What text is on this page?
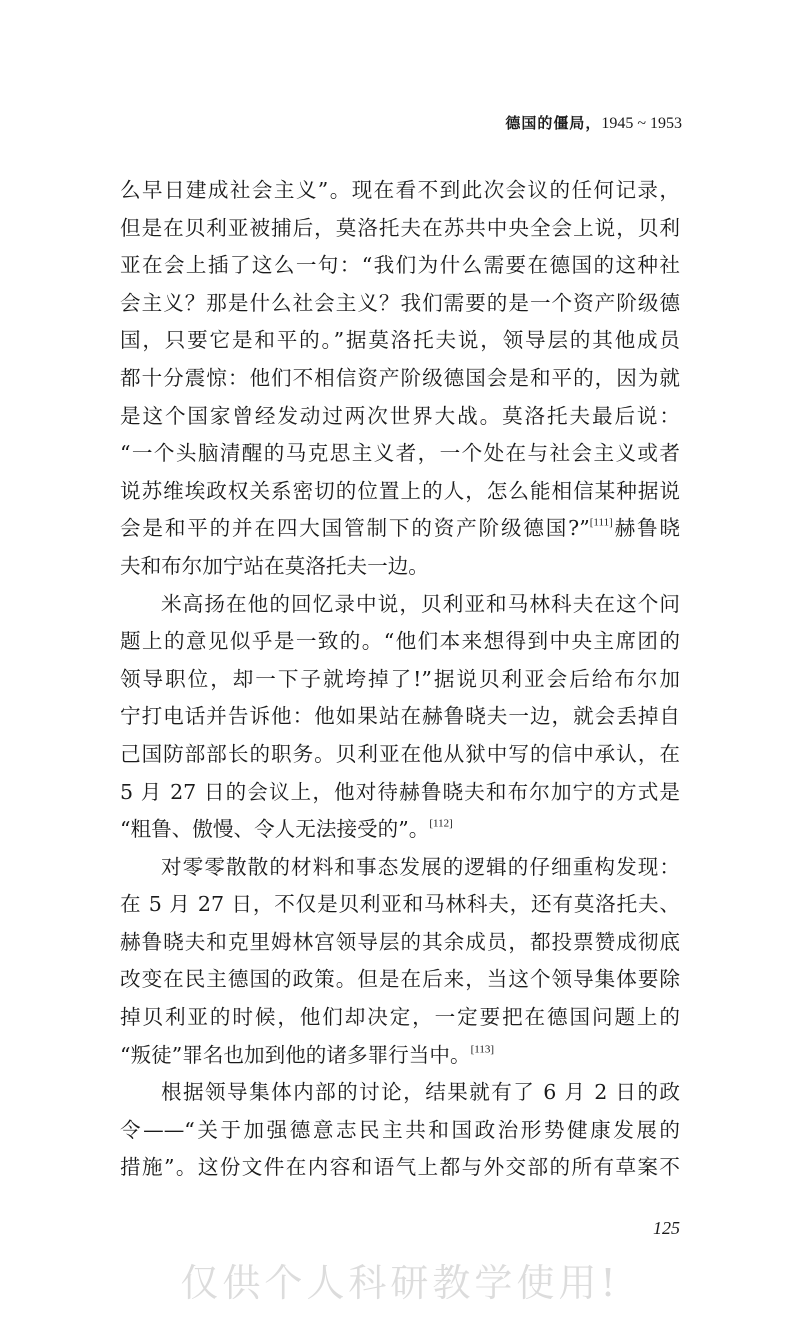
德国的僵局，1945 ~ 1953
么早日建成社会主义”。现在看不到此次会议的任何记录，
但是在贝利亚被捕后，莫洛托夫在苏共中央全会上说，贝利
亚在会上插了这么一句：“我们为什么需要在德国的这种社
会主义？那是什么社会主义？我们需要的是一个资产阶级德
国，只要它是和平的。”据莫洛托夫说，领导层的其他成员
都十分震惊：他们不相信资产阶级德国会是和平的，因为就
是这个国家曾经发动过两次世界大战。莫洛托夫最后说：
“一个头脑清醒的马克思主义者，一个处在与社会主义或者
说苏维埃政权关系密切的位置上的人，怎么能相信某种据说
会是和平的并在四大国管制下的资产阶级德国?”[111]赫鲁晓
夫和布尔加宁站在莫洛托夫一边。
米高扬在他的回忆录中说，贝利亚和马林科夫在这个问
题上的意见似乎是一致的。“他们本来想得到中央主席团的
领导职位，却一下子就垮掉了!”据说贝利亚会后给布尔加
宁打电话并告诉他：他如果站在赫鲁晓夫一边，就会丢掉自
己国防部部长的职务。贝利亚在他从狱中写的信中承认，在
5 月 27 日的会议上，他对待赫鲁晓夫和布尔加宁的方式是
“粗鲁、傲慢、令人无法接受的”。[112]
对零零散散的材料和事态发展的逻辑的仔细重构发现：
在 5 月 27 日，不仅是贝利亚和马林科夫，还有莫洛托夫、
赫鲁晓夫和克里姆林宫领导层的其余成员，都投票赞成彻底
改变在民主德国的政策。但是在后来，当这个领导集体要除
掉贝利亚的时候，他们却决定，一定要把在德国问题上的
“叛徒”罪名也加到他的诸多罪行当中。[113]
根据领导集体内部的讨论，结果就有了 6 月 2 日的政
令——“关于加强德意志民主共和国政治形势健康发展的
措施”。这份文件在内容和语气上都与外交部的所有草案不
125
仅供个人科研教学使用!
